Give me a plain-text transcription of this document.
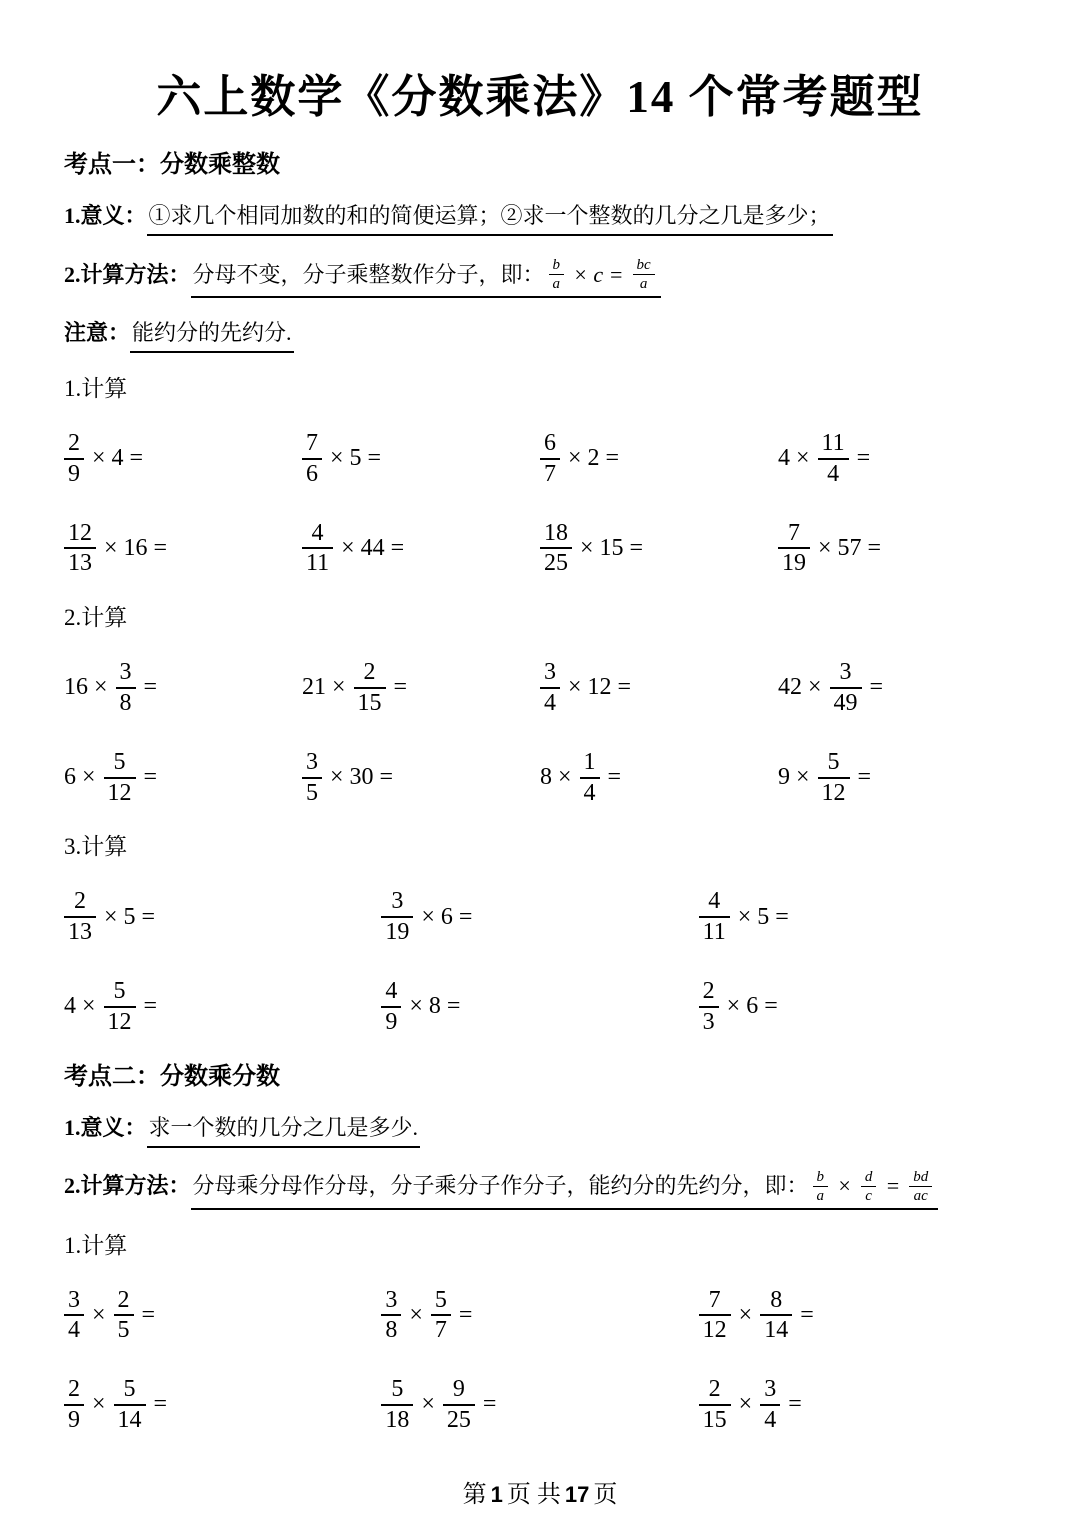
六上数学《分数乘法》14 个常考题型
考点一：分数乘整数
1.意义： ①求几个相同加数的和的简便运算；②求一个整数的几分之几是多少；
2.计算方法： 分母不变，分子乘整数作分子，即： $\frac{b}{a} \times c = \frac{bc}{a}$
注意： 能约分的先约分.
1.计算
$\frac{2}{9} \times 4$ =	$\frac{7}{6} \times 5$ =	$\frac{6}{7} \times 2$ =	$4 \times \frac{11}{4}$ =
$\frac{12}{13} \times 16$ =	$\frac{4}{11} \times 44$ =	$\frac{18}{25} \times 15$ =	$\frac{7}{19} \times 57$ =
2.计算
$16 \times \frac{3}{8}$ =	$21 \times \frac{2}{15}$ =	$\frac{3}{4} \times 12$ =	$42 \times \frac{3}{49}$ =
$6 \times \frac{5}{12}$ =	$\frac{3}{5} \times 30$ =	$8 \times \frac{1}{4}$ =	$9 \times \frac{5}{12}$ =
3.计算
$\frac{2}{13} \times 5$ =	$\frac{3}{19} \times 6$ =	$\frac{4}{11} \times 5$ =
$4 \times \frac{5}{12}$ =	$\frac{4}{9} \times 8$ =	$\frac{2}{3} \times 6$ =
考点二：分数乘分数
1.意义： 求一个数的几分之几是多少.
2.计算方法： 分母乘分母作分母，分子乘分子作分子，能约分的先约分，即： $\frac{b}{a} \times \frac{d}{c} = \frac{bd}{ac}$
1.计算
$\frac{3}{4} \times \frac{2}{5}$ =	$\frac{3}{8} \times \frac{5}{7}$ =	$\frac{7}{12} \times \frac{8}{14}$ =
$\frac{2}{9} \times \frac{5}{14}$ =	$\frac{5}{18} \times \frac{9}{25}$ =	$\frac{2}{15} \times \frac{3}{4}$ =
第 1 页 共 17 页
